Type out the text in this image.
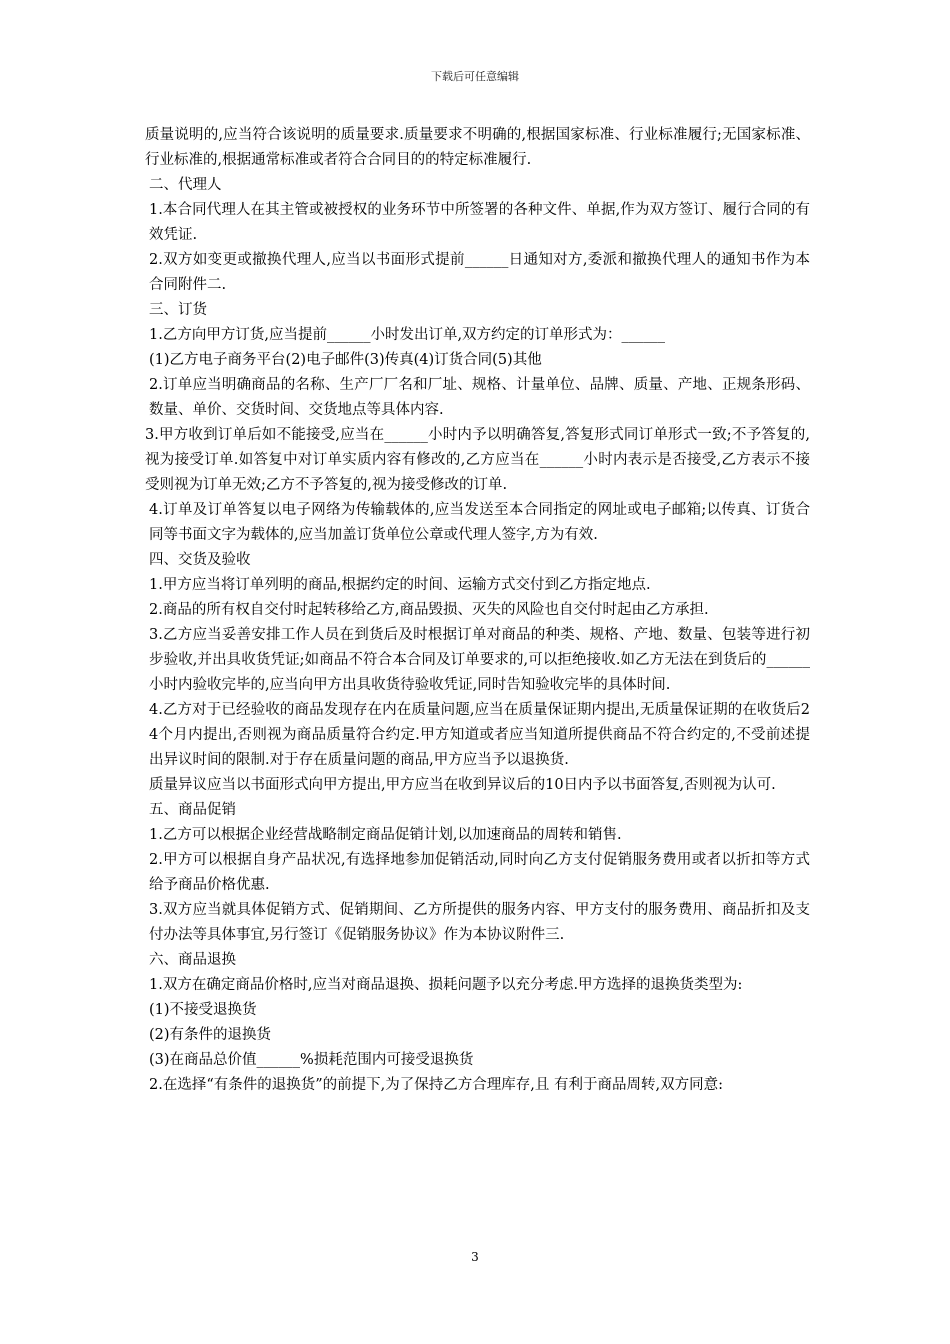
下载后可任意编辑

质量说明的,应当符合该说明的质量要求.质量要求不明确的,根据国家标准、行业标准履行;无国家标准、行业标准的,根据通常标准或者符合合同目的的特定标准履行.

二、代理人

1.本合同代理人在其主管或被授权的业务环节中所签署的各种文件、单据,作为双方签订、履行合同的有效凭证.

2.双方如变更或撤换代理人,应当以书面形式提前______日通知对方,委派和撤换代理人的通知书作为本合同附件二.

三、订货

1.乙方向甲方订货,应当提前______小时发出订单,双方约定的订单形式为：______

(1)乙方电子商务平台(2)电子邮件(3)传真(4)订货合同(5)其他

2.订单应当明确商品的名称、生产厂厂名和厂址、规格、计量单位、品牌、质量、产地、正规条形码、数量、单价、交货时间、交货地点等具体内容.

3.甲方收到订单后如不能接受,应当在______小时内予以明确答复,答复形式同订单形式一致;不予答复的,视为接受订单.如答复中对订单实质内容有修改的,乙方应当在______小时内表示是否接受,乙方表示不接受则视为订单无效;乙方不予答复的,视为接受修改的订单.

4.订单及订单答复以电子网络为传输载体的,应当发送至本合同指定的网址或电子邮箱;以传真、订货合同等书面文字为载体的,应当加盖订货单位公章或代理人签字,方为有效.

四、交货及验收

1.甲方应当将订单列明的商品,根据约定的时间、运输方式交付到乙方指定地点.

2.商品的所有权自交付时起转移给乙方,商品毁损、灭失的风险也自交付时起由乙方承担.

3.乙方应当妥善安排工作人员在到货后及时根据订单对商品的种类、规格、产地、数量、包装等进行初步验收,并出具收货凭证;如商品不符合本合同及订单要求的,可以拒绝接收.如乙方无法在到货后的______小时内验收完毕的,应当向甲方出具收货待验收凭证,同时告知验收完毕的具体时间.

4.乙方对于已经验收的商品发现存在内在质量问题,应当在质量保证期内提出,无质量保证期的在收货后24个月内提出,否则视为商品质量符合约定.甲方知道或者应当知道所提供商品不符合约定的,不受前述提出异议时间的限制.对于存在质量问题的商品,甲方应当予以退换货.

质量异议应当以书面形式向甲方提出,甲方应当在收到异议后的10日内予以书面答复,否则视为认可.

五、商品促销

1.乙方可以根据企业经营战略制定商品促销计划,以加速商品的周转和销售.

2.甲方可以根据自身产品状况,有选择地参加促销活动,同时向乙方支付促销服务费用或者以折扣等方式给予商品价格优惠.

3.双方应当就具体促销方式、促销期间、乙方所提供的服务内容、甲方支付的服务费用、商品折扣及支付办法等具体事宜,另行签订《促销服务协议》作为本协议附件三.

六、商品退换

1.双方在确定商品价格时,应当对商品退换、损耗问题予以充分考虑.甲方选择的退换货类型为:

(1)不接受退换货

(2)有条件的退换货

(3)在商品总价值______%损耗范围内可接受退换货

2.在选择“有条件的退换货”的前提下,为了保持乙方合理库存,且 有利于商品周转,双方同意:

3
